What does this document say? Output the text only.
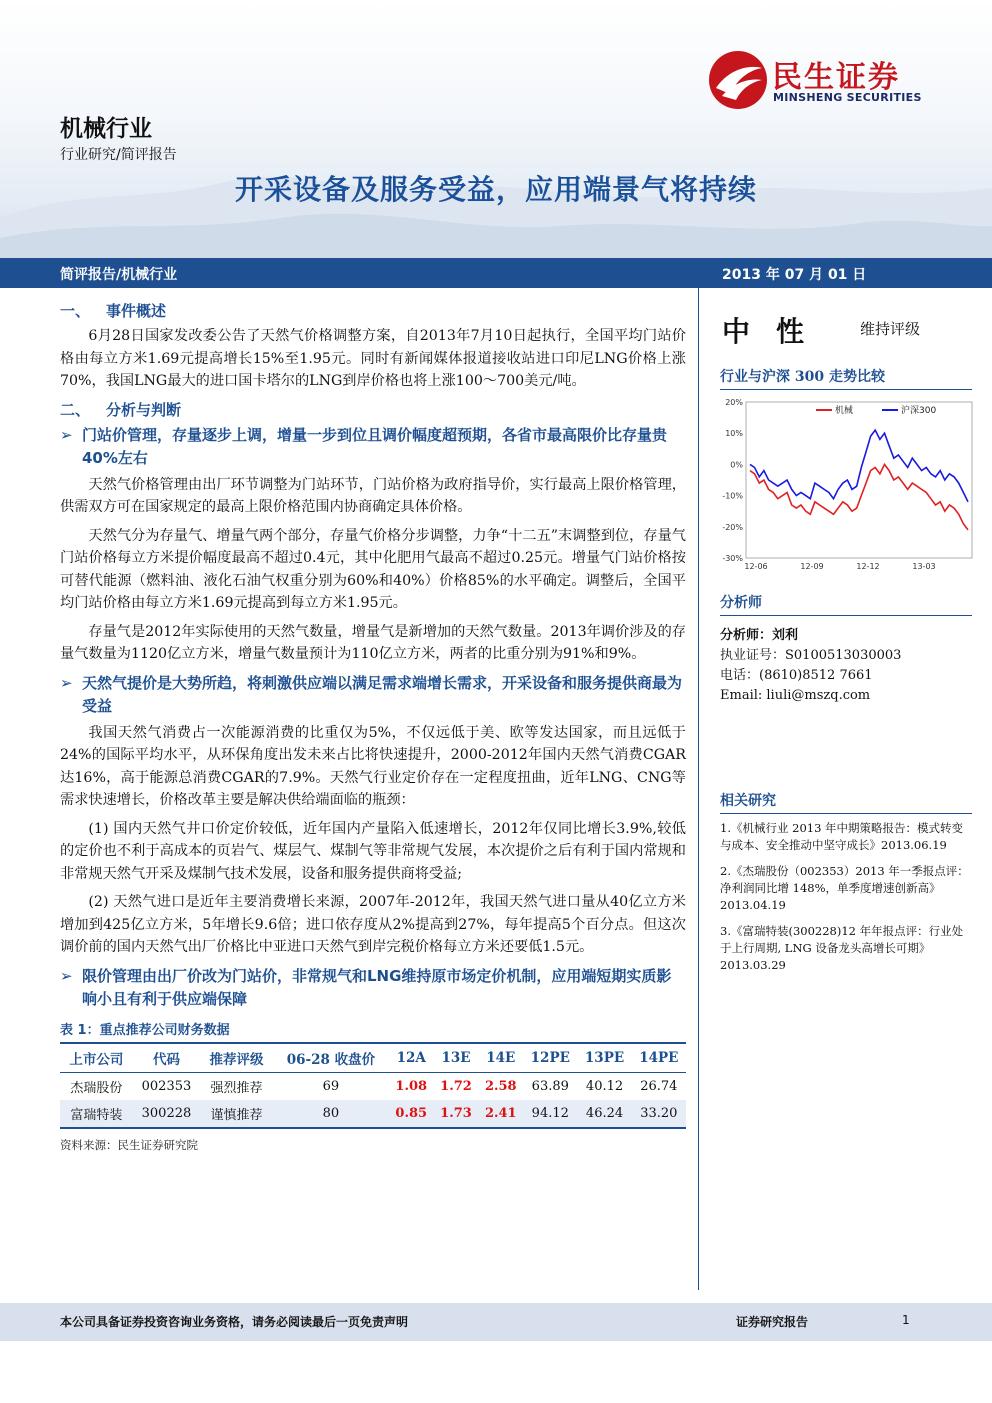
民生证券
MINSHENG SECURITIES
机械行业
行业研究/简评报告
开采设备及服务受益，应用端景气将持续
简评报告/机械行业	2013 年 07 月 01 日
一、 事件概述

6月28日国家发改委公告了天然气价格调整方案，自2013年7月10日起执行，全国平均门站价格由每立方米1.69元提高增长15%至1.95元。同时有新闻媒体报道接收站进口印尼LNG价格上涨70%，我国LNG最大的进口国卡塔尔的LNG到岸价格也将上涨100～700美元/吨。

二、 分析与判断
➢ 门站价管理，存量逐步上调，增量一步到位且调价幅度超预期，各省市最高限价比存量贵40%左右

天然气价格管理由出厂环节调整为门站环节，门站价格为政府指导价，实行最高上限价格管理，供需双方可在国家规定的最高上限价格范围内协商确定具体价格。

天然气分为存量气、增量气两个部分，存量气价格分步调整，力争“十二五”末调整到位，存量气门站价格每立方米提价幅度最高不超过0.4元，其中化肥用气最高不超过0.25元。增量气门站价格按可替代能源（燃料油、液化石油气权重分别为60%和40%）价格85%的水平确定。调整后，全国平均门站价格由每立方米1.69元提高到每立方米1.95元。

存量气是2012年实际使用的天然气数量，增量气是新增加的天然气数量。2013年调价涉及的存量气数量为1120亿立方米，增量气数量预计为110亿立方米，两者的比重分别为91%和9%。

➢ 天然气提价是大势所趋，将刺激供应端以满足需求端增长需求，开采设备和服务提供商最为受益

我国天然气消费占一次能源消费的比重仅为5%，不仅远低于美、欧等发达国家，而且远低于24%的国际平均水平，从环保角度出发未来占比将快速提升，2000-2012年国内天然气消费CGAR达16%，高于能源总消费CGAR的7.9%。天然气行业定价存在一定程度扭曲，近年LNG、CNG等需求快速增长，价格改革主要是解决供给端面临的瓶颈：

(1) 国内天然气井口价定价较低，近年国内产量陷入低速增长，2012年仅同比增长3.9%,较低的定价也不利于高成本的页岩气、煤层气、煤制气等非常规气发展，本次提价之后有利于国内常规和非常规天然气开采及煤制气技术发展，设备和服务提供商将受益;

(2) 天然气进口是近年主要消费增长来源，2007年-2012年，我国天然气进口量从40亿立方米增加到425亿立方米，5年增长9.6倍；进口依存度从2%提高到27%，每年提高5个百分点。但这次调价前的国内天然气出厂价格比中亚进口天然气到岸完税价格每立方米还要低1.5元。

➢ 限价管理由出厂价改为门站价，非常规气和LNG维持原市场定价机制，应用端短期实质影响小且有利于供应端保障
表 1：重点推荐公司财务数据
上市公司	代码	推荐评级	06-28 收盘价	12A	13E	14E	12PE	13PE	14PE
杰瑞股份	002353	强烈推荐	69	1.08	1.72	2.58	63.89	40.12	26.74
富瑞特装	300228	谨慎推荐	80	0.85	1.73	2.41	94.12	46.24	33.20
资料来源：民生证券研究院
中性 维持评级
行业与沪深 300 走势比较
20%
10%
0%
-10%
-20%
-30%
12-06	12-09	12-12	13-03
机械	沪深300
分析师
分析师：刘利
执业证号：S0100513030003
电话：(8610)8512 7661
Email: liuli@mszq.com
相关研究
1.《机械行业 2013 年中期策略报告：模式转变与成本、安全推动中坚守成长》2013.06.19
2.《杰瑞股份（002353）2013 年一季报点评：净利润同比增 148%，单季度增速创新高》2013.04.19
3.《富瑞特装(300228)12 年年报点评：行业处于上行周期, LNG 设备龙头高增长可期》2013.03.29
本公司具备证券投资咨询业务资格，请务必阅读最后一页免责声明	证券研究报告	1
